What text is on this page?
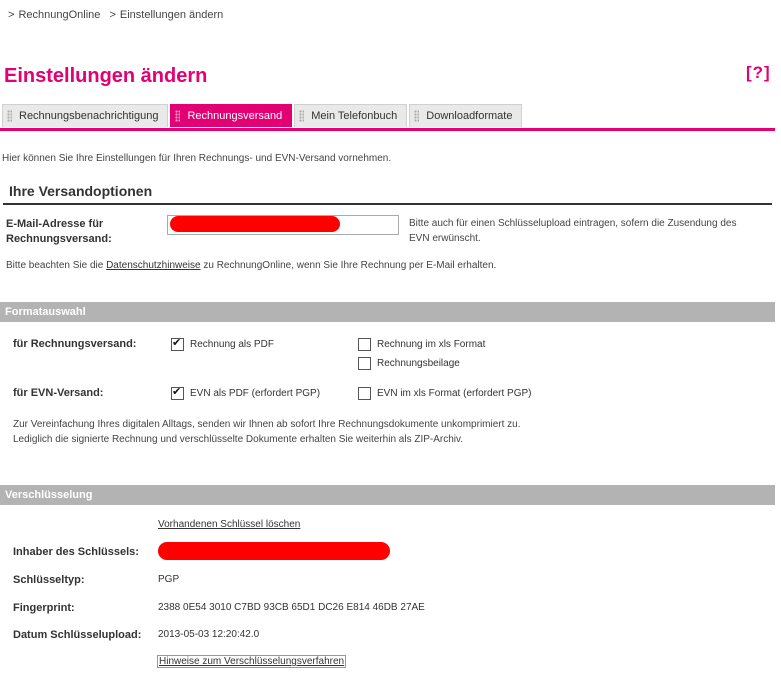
> RechnungOnline > Einstellungen ändern
Einstellungen ändern	[?]
Rechnungsbenachrichtigung	Rechnungsversand	Mein Telefonbuch	Downloadformate
Hier können Sie Ihre Einstellungen für Ihren Rechnungs- und EVN-Versand vornehmen.
Ihre Versandoptionen
E-Mail-Adresse für
Rechnungsversand:
Bitte auch für einen Schlüsselupload eintragen, sofern die Zusendung des
EVN erwünscht.
Bitte beachten Sie die Datenschutzhinweise zu RechnungOnline, wenn Sie Ihre Rechnung per E-Mail erhalten.
Formatauswahl
für Rechnungsversand: ✔	Rechnung als PDF	Rechnung im xls Format
Rechnungsbeilage
für EVN-Versand: ✔	EVN als PDF (erfordert PGP)	EVN im xls Format (erfordert PGP)
Zur Vereinfachung Ihres digitalen Alltags, senden wir Ihnen ab sofort Ihre Rechnungsdokumente unkomprimiert zu.
Lediglich die signierte Rechnung und verschlüsselte Dokumente erhalten Sie weiterhin als ZIP-Archiv.
Verschlüsselung
Vorhandenen Schlüssel löschen
Inhaber des Schlüssels:
Schlüsseltyp:	PGP
Fingerprint:	2388 0E54 3010 C7BD 93CB 65D1 DC26 E814 46DB 27AE
Datum Schlüsselupload: 2013-05-03 12:20:42.0
Hinweise zum Verschlüsselungsverfahren
